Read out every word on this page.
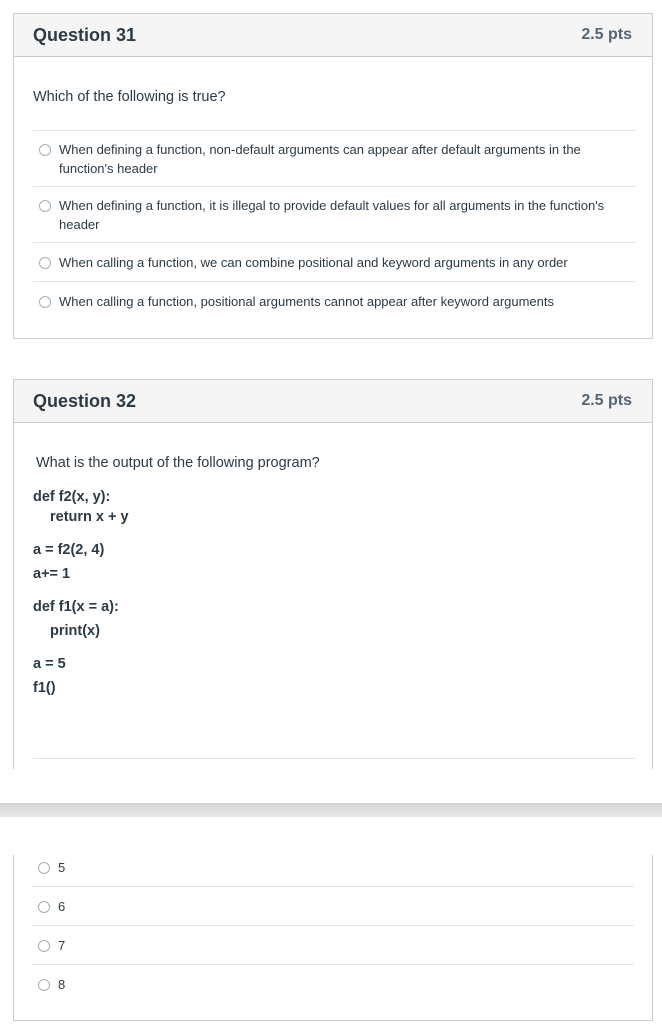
Question 31	2.5 pts
Which of the following is true?
When defining a function, non-default arguments can appear after default arguments in the
function's header
When defining a function, it is illegal to provide default values for all arguments in the function's
header
When calling a function, we can combine positional and keyword arguments in any order
When calling a function, positional arguments cannot appear after keyword arguments
Question 32	2.5 pts
What is the output of the following program?
def f2(x, y):
return x + y
a = f2(2, 4)
a+= 1
def f1(x = a):
print(x)
a = 5
f1()
5
6
7
8
